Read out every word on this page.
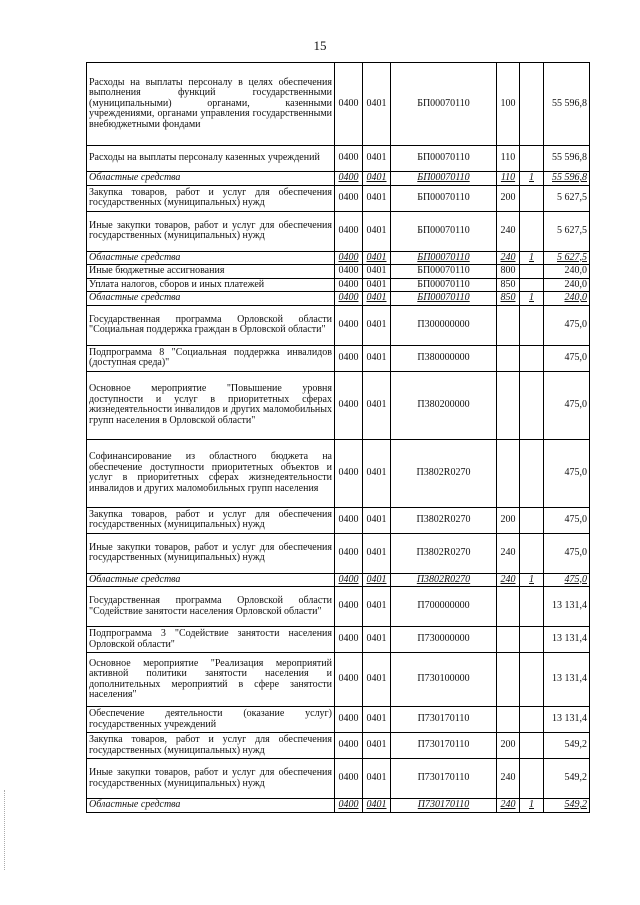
15
Расходы на выплаты персоналу в целях обеспечения выполнения функций государственными (муниципальными) органами, казенными учреждениями, органами управления государственными внебюджетными фондами	0400	0401	БП00070110	100		55 596,8
Расходы на выплаты персоналу казенных учреждений	0400	0401	БП00070110	110		55 596,8
Областные средства	0400	0401	БП00070110	110	1	55 596,8
Закупка товаров, работ и услуг для обеспечения государственных (муниципальных) нужд	0400	0401	БП00070110	200		5 627,5
Иные закупки товаров, работ и услуг для обеспечения государственных (муниципальных) нужд	0400	0401	БП00070110	240		5 627,5
Областные средства	0400	0401	БП00070110	240	1	5 627,5
Иные бюджетные ассигнования	0400	0401	БП00070110	800		240,0
Уплата налогов, сборов и иных платежей	0400	0401	БП00070110	850		240,0
Областные средства	0400	0401	БП00070110	850	1	240,0
Государственная программа Орловской области "Социальная поддержка граждан в Орловской области"	0400	0401	П300000000			475,0
Подпрограмма 8 "Социальная поддержка инвалидов (доступная среда)"	0400	0401	П380000000			475,0
Основное мероприятие "Повышение уровня доступности и услуг в приоритетных сферах жизнедеятельности инвалидов и других маломобильных групп населения в Орловской области"	0400	0401	П380200000			475,0
Софинансирование из областного бюджета на обеспечение доступности приоритетных объектов и услуг в приоритетных сферах жизнедеятельности инвалидов и других маломобильных групп населения	0400	0401	П3802R0270			475,0
Закупка товаров, работ и услуг для обеспечения государственных (муниципальных) нужд	0400	0401	П3802R0270	200		475,0
Иные закупки товаров, работ и услуг для обеспечения государственных (муниципальных) нужд	0400	0401	П3802R0270	240		475,0
Областные средства	0400	0401	П3802R0270	240	1	475,0
Государственная программа Орловской области "Содействие занятости населения Орловской области"	0400	0401	П700000000			13 131,4
Подпрограмма 3 "Содействие занятости населения Орловской области"	0400	0401	П730000000			13 131,4
Основное мероприятие "Реализация мероприятий активной политики занятости населения и дополнительных мероприятий в сфере занятости населения"	0400	0401	П730100000			13 131,4
Обеспечение деятельности (оказание услуг) государственных учреждений	0400	0401	П730170110			13 131,4
Закупка товаров, работ и услуг для обеспечения государственных (муниципальных) нужд	0400	0401	П730170110	200		549,2
Иные закупки товаров, работ и услуг для обеспечения государственных (муниципальных) нужд	0400	0401	П730170110	240		549,2
Областные средства	0400	0401	П730170110	240	1	549,2
